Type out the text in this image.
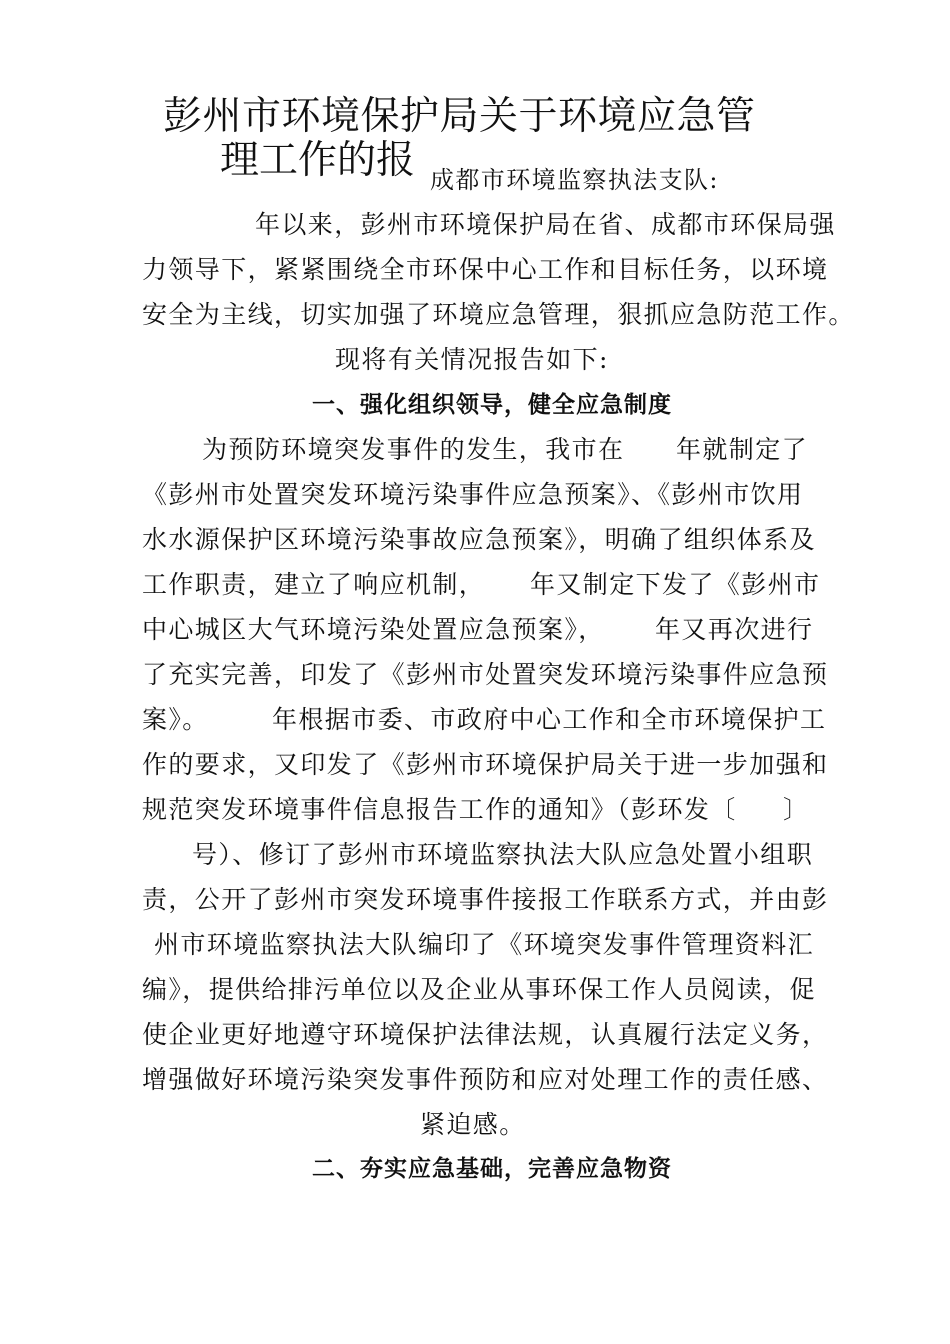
彭州市环境保护局关于环境应急管
理工作的报 成都市环境监察执法支队:
年以来，彭州市环境保护局在省、成都市环保局强
力领导下，紧紧围绕全市环保中心工作和目标任务，以环境
安全为主线，切实加强了环境应急管理，狠抓应急防范工作。
现将有关情况报告如下:
一、强化组织领导，健全应急制度
为预防环境突发事件的发生，我市在 年就制定了
《彭州市处置突发环境污染事件应急预案》、《彭州市饮用
水水源保护区环境污染事故应急预案》，明确了组织体系及
工作职责，建立了响应机制， 年又制定下发了《彭州市
中心城区大气环境污染处置应急预案》， 年又再次进行
了充实完善，印发了《彭州市处置突发环境污染事件应急预
案》。	年根据市委、市政府中心工作和全市环境保护工
作的要求，又印发了《彭州市环境保护局关于进一步加强和
规范突发环境事件信息报告工作的通知》（彭环发〔 〕
号）、修订了彭州市环境监察执法大队应急处置小组职
责，公开了彭州市突发环境事件接报工作联系方式，并由彭
州市环境监察执法大队编印了《环境突发事件管理资料汇
编》，提供给排污单位以及企业从事环保工作人员阅读，促
使企业更好地遵守环境保护法律法规，认真履行法定义务，
增强做好环境污染突发事件预防和应对处理工作的责任感、
紧迫感。
二、夯实应急基础，完善应急物资
